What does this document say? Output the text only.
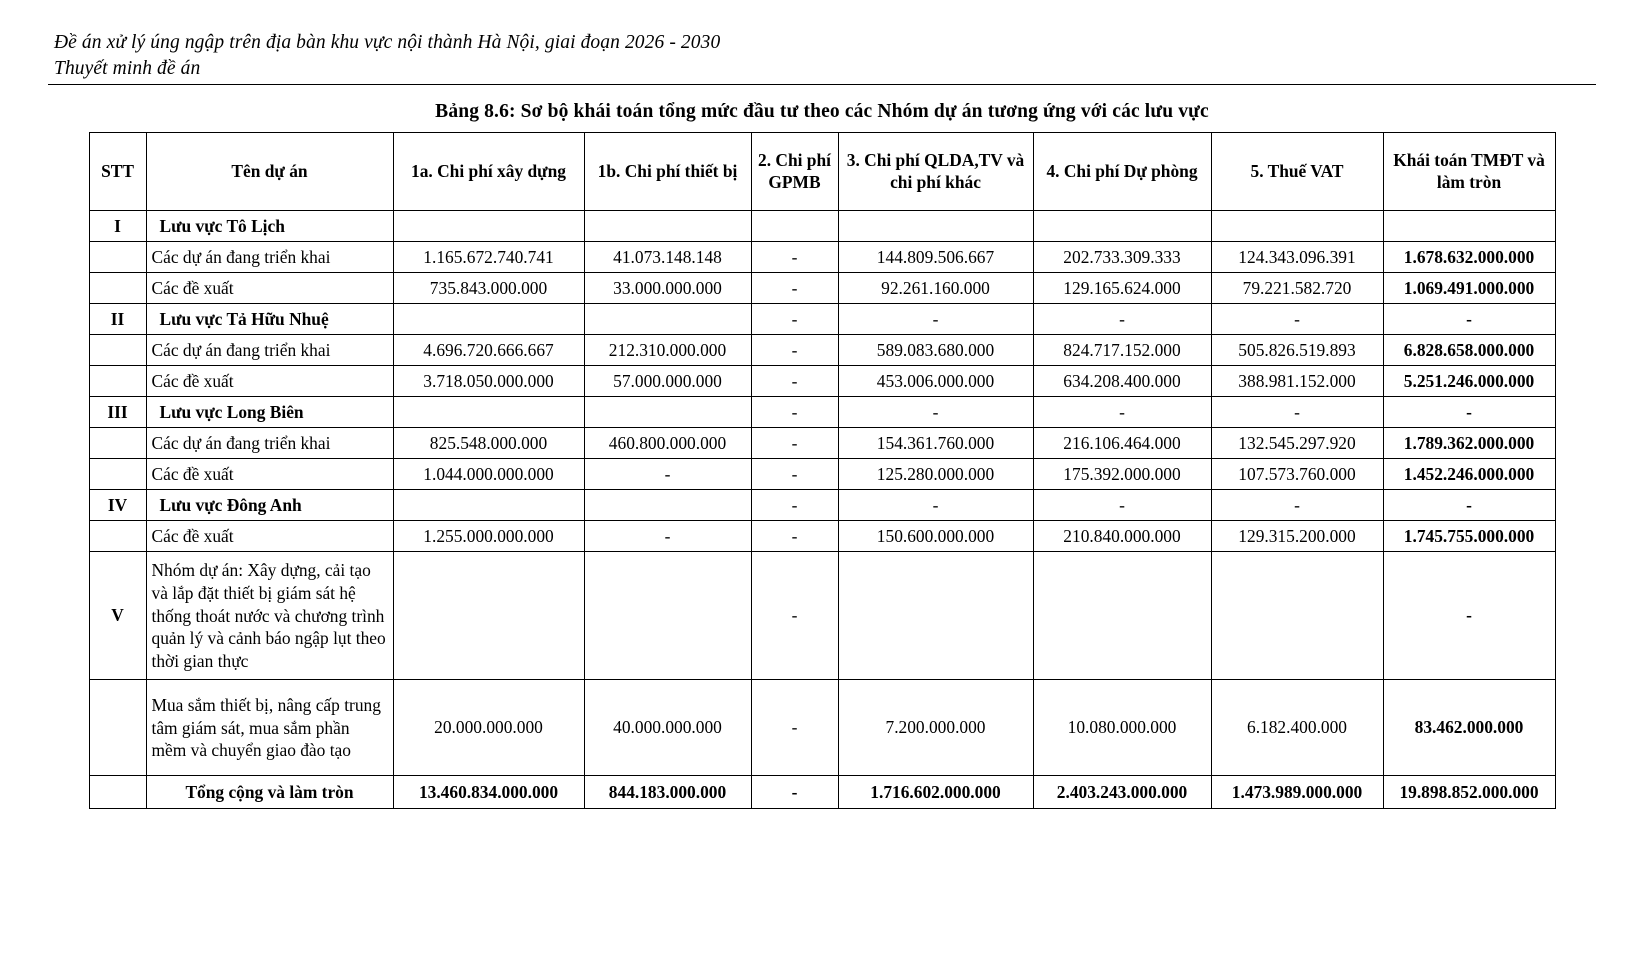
Đề án xử lý úng ngập trên địa bàn khu vực nội thành Hà Nội, giai đoạn 2026 - 2030
Thuyết minh đề án
Bảng 8.6: Sơ bộ khái toán tổng mức đầu tư theo các Nhóm dự án tương ứng với các lưu vực
STT	Tên dự án	1a. Chi phí xây dựng	1b. Chi phí thiết bị	2. Chi phí GPMB	3. Chi phí QLDA,TV và chi phí khác	4. Chi phí Dự phòng	5. Thuế VAT	Khái toán TMĐT và làm tròn
I	Lưu vực Tô Lịch							
	Các dự án đang triển khai	1.165.672.740.741	41.073.148.148	-	144.809.506.667	202.733.309.333	124.343.096.391	1.678.632.000.000
	Các đề xuất	735.843.000.000	33.000.000.000	-	92.261.160.000	129.165.624.000	79.221.582.720	1.069.491.000.000
II	Lưu vực Tả Hữu Nhuệ			-	-	-	-	-
	Các dự án đang triển khai	4.696.720.666.667	212.310.000.000	-	589.083.680.000	824.717.152.000	505.826.519.893	6.828.658.000.000
	Các đề xuất	3.718.050.000.000	57.000.000.000	-	453.006.000.000	634.208.400.000	388.981.152.000	5.251.246.000.000
III	Lưu vực Long Biên			-	-	-	-	-
	Các dự án đang triển khai	825.548.000.000	460.800.000.000	-	154.361.760.000	216.106.464.000	132.545.297.920	1.789.362.000.000
	Các đề xuất	1.044.000.000.000	-	-	125.280.000.000	175.392.000.000	107.573.760.000	1.452.246.000.000
IV	Lưu vực Đông Anh			-	-	-	-	-
	Các đề xuất	1.255.000.000.000	-	-	150.600.000.000	210.840.000.000	129.315.200.000	1.745.755.000.000
V	Nhóm dự án: Xây dựng, cải tạo và lắp đặt thiết bị giám sát hệ thống thoát nước và chương trình quản lý và cảnh báo ngập lụt theo thời gian thực			-				-
	Mua sắm thiết bị, nâng cấp trung tâm giám sát, mua sắm phần mềm và chuyển giao đào tạo	20.000.000.000	40.000.000.000	-	7.200.000.000	10.080.000.000	6.182.400.000	83.462.000.000
	Tổng cộng và làm tròn	13.460.834.000.000	844.183.000.000	-	1.716.602.000.000	2.403.243.000.000	1.473.989.000.000	19.898.852.000.000
